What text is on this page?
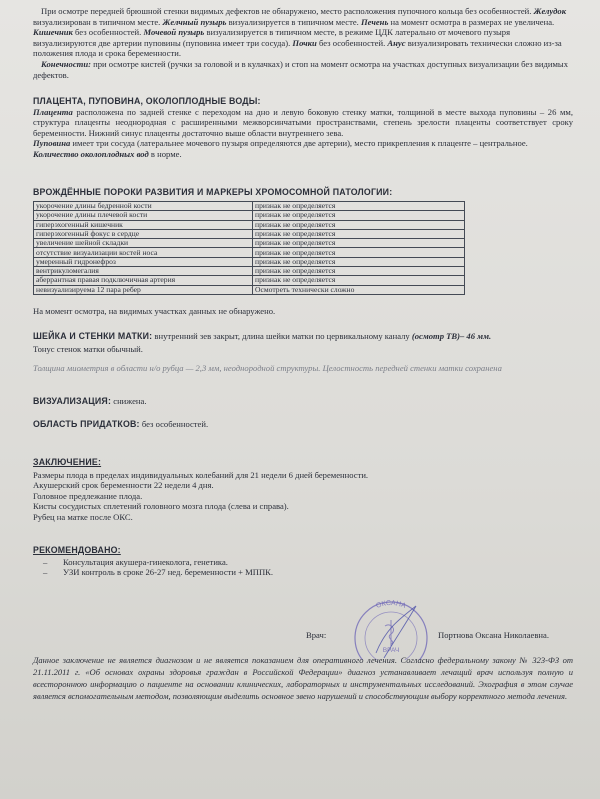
При осмотре передней брюшной стенки видимых дефектов не обнаружено, место расположения пупочного кольца без особенностей. Желудок визуализирован в типичном месте. Желчный пузырь визуализируется в типичном месте. Печень на момент осмотра в размерах не увеличена. Кишечник без особенностей. Мочевой пузырь визуализируется в типичном месте, в режиме ЦДК латерально от мочевого пузыря визуализируются две артерии пуповины (пуповина имеет три сосуда). Почки без особенностей. Анус визуализировать технически сложно из-за положения плода и срока беременности.

Конечности: при осмотре кистей (ручки за головой и в кулачках) и стоп на момент осмотра на участках доступных визуализации без видимых дефектов.

ПЛАЦЕНТА, ПУПОВИНА, ОКОЛОПЛОДНЫЕ ВОДЫ:

Плацента расположена по задней стенке с переходом на дно и левую боковую стенку матки, толщиной в месте выхода пуповины – 26 мм, структура плаценты неоднородная с расширенными межворсинчатыми пространствами, степень зрелости плаценты соответствует сроку беременности. Нижний синус плаценты достаточно выше области внутреннего зева.

Пуповина имеет три сосуда (латеральнее мочевого пузыря определяются две артерии), место прикрепления к плаценте – центральное.

Количество околоплодных вод в норме.

ВРОЖДЁННЫЕ ПОРОКИ РАЗВИТИЯ И МАРКЕРЫ ХРОМОСОМНОЙ ПАТОЛОГИИ:

укорочение длины бедренной кости	признак не определяется
укорочение длины плечевой кости	признак не определяется
гиперэхогенный кишечник	признак не определяется
гиперэхогенный фокус в сердце	признак не определяется
увеличение шейной складки	признак не определяется
отсутствие визуализации костей носа	признак не определяется
умеренный гидронефроз	признак не определяется
вентрикуломегалия	признак не определяется
аберрантная правая подключичная артерия	признак не определяется
невизуализируема 12 пара ребер	Осмотреть технически сложно

На момент осмотра, на видимых участках данных не обнаружено.

ШЕЙКА И СТЕНКИ МАТКИ: внутренний зев закрыт, длина шейки матки по цервикальному каналу (осмотр ТВ)– 46 мм.

Тонус стенок матки обычный.

Толщина миометрия в области н/о рубца — 2,3 мм, неоднородной структуры. Целостность передней стенки матки сохранена

ВИЗУАЛИЗАЦИЯ: снижена.

ОБЛАСТЬ ПРИДАТКОВ: без особенностей.

ЗАКЛЮЧЕНИЕ:

Размеры плода в пределах индивидуальных колебаний для 21 недели 6 дней беременности.

Акушерский срок беременности 22 недели 4 дня.

Головное предлежание плода.

Кисты сосудистых сплетений головного мозга плода (слева и справа).

Рубец на матке после ОКС.

РЕКОМЕНДОВАНО:

– Консультация акушера-гинеколога, генетика.
– УЗИ контроль в сроке 26-27 нед. беременности + МППК.
ОКСАНА
ВРАЧ
Врач:	Портнова Оксана Николаевна.
Данное заключение не является диагнозом и не является показанием для оперативного лечения. Согласно федеральному закону № 323-ФЗ от 21.11.2011 г. «Об основах охраны здоровья граждан в Российской Федерации» диагноз устанавливает лечащий врач используя полную и всестороннюю информацию о пациенте на основании клинических, лабораторных и инструментальных исследований. Эхография в этом случае является вспомогательным методом, позволяющим выделить основное звено нарушений и способствующим выбору корректного метода лечения.
